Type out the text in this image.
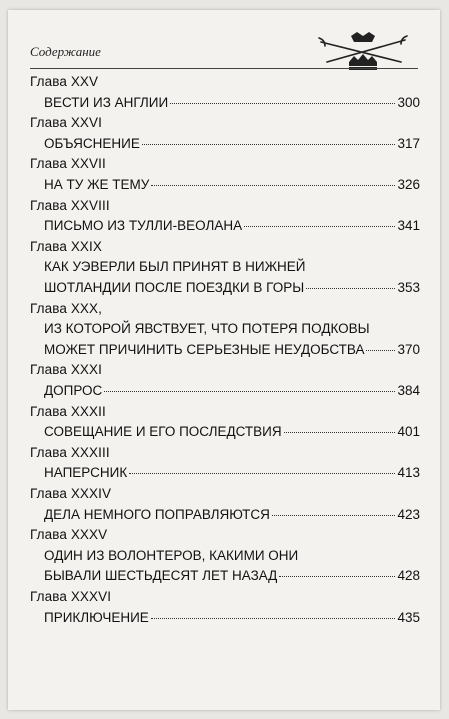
Содержание
Глава XXV
ВЕСТИ ИЗ АНГЛИИ	300
Глава XXVI
ОБЪЯСНЕНИЕ	317
Глава XXVII
НА ТУ ЖЕ ТЕМУ	326
Глава XXVIII
ПИСЬМО ИЗ ТУЛЛИ-ВЕОЛАНА	341
Глава XXIX
КАК УЭВЕРЛИ БЫЛ ПРИНЯТ В НИЖНЕЙ
ШОТЛАНДИИ ПОСЛЕ ПОЕЗДКИ В ГОРЫ	353
Глава XXX,
ИЗ КОТОРОЙ ЯВСТВУЕТ, ЧТО ПОТЕРЯ ПОДКОВЫ
МОЖЕТ ПРИЧИНИТЬ СЕРЬЕЗНЫЕ НЕУДОБСТВА 370
Глава XXXI
ДОПРОС	384
Глава XXXII
СОВЕЩАНИЕ И ЕГО ПОСЛЕДСТВИЯ	401
Глава XXXIII
НАПЕРСНИК	413
Глава XXXIV
ДЕЛА НЕМНОГО ПОПРАВЛЯЮТСЯ	423
Глава XXXV
ОДИН ИЗ ВОЛОНТЕРОВ, КАКИМИ ОНИ
БЫВАЛИ ШЕСТЬДЕСЯТ ЛЕТ НАЗАД	428
Глава XXXVI
ПРИКЛЮЧЕНИЕ	435
